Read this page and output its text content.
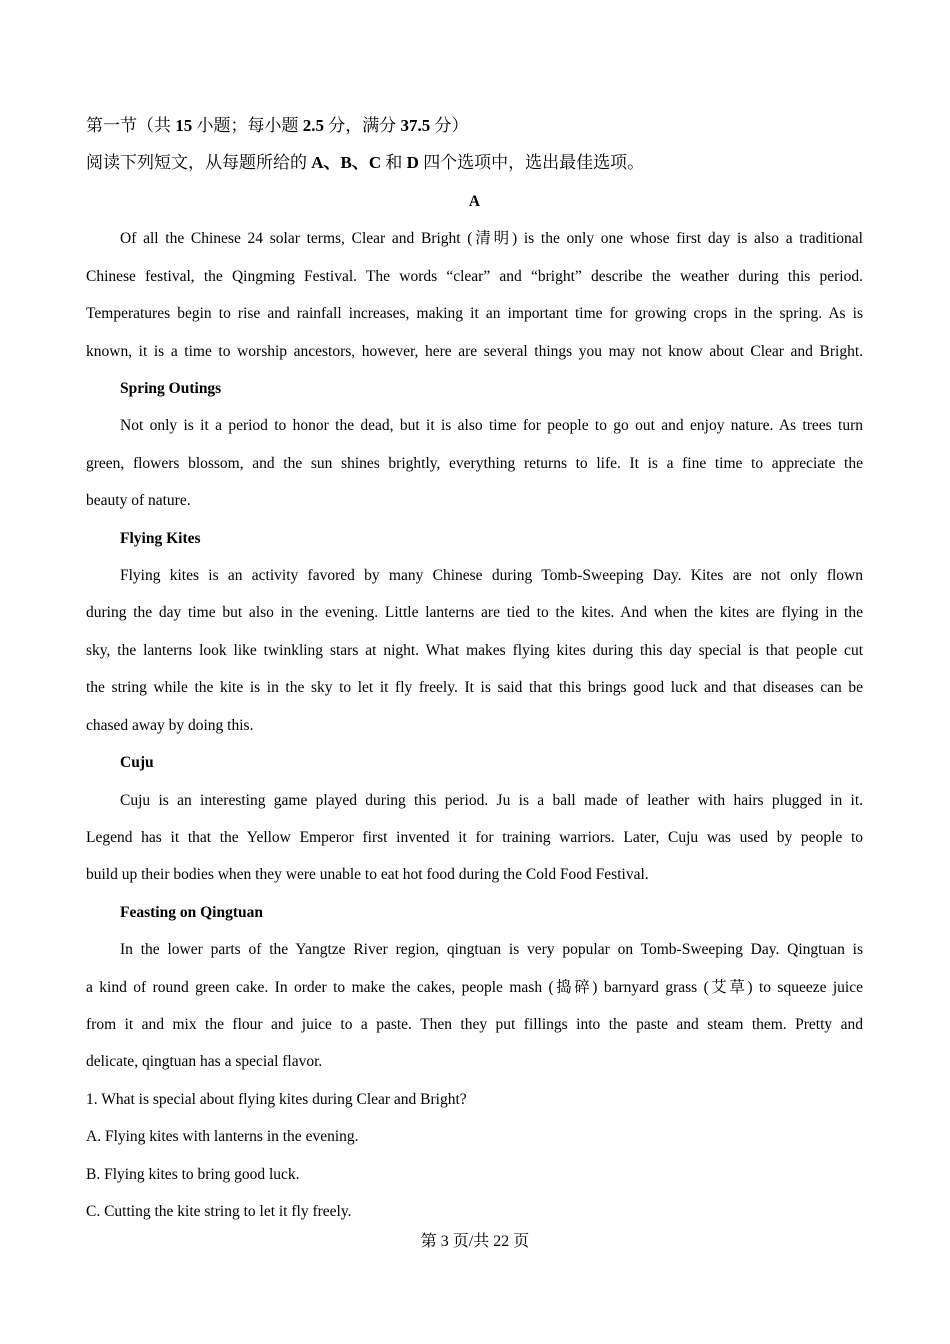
第一节（共 15 小题；每小题 2.5 分，满分 37.5 分）
阅读下列短文，从每题所给的 A、B、C 和 D 四个选项中，选出最佳选项。
A
Of all the Chinese 24 solar terms, Clear and Bright (清明) is the only one whose first day is also a traditional
Chinese festival, the Qingming Festival. The words “clear” and “bright” describe the weather during this period.
Temperatures begin to rise and rainfall increases, making it an important time for growing crops in the spring. As is
known, it is a time to worship ancestors, however, here are several things you may not know about Clear and Bright.
Spring Outings
Not only is it a period to honor the dead, but it is also time for people to go out and enjoy nature. As trees turn
green, flowers blossom, and the sun shines brightly, everything returns to life. It is a fine time to appreciate the
beauty of nature.
Flying Kites
Flying kites is an activity favored by many Chinese during Tomb-Sweeping Day. Kites are not only flown
during the day time but also in the evening. Little lanterns are tied to the kites. And when the kites are flying in the
sky, the lanterns look like twinkling stars at night. What makes flying kites during this day special is that people cut
the string while the kite is in the sky to let it fly freely. It is said that this brings good luck and that diseases can be
chased away by doing this.
Cuju
Cuju is an interesting game played during this period. Ju is a ball made of leather with hairs plugged in it.
Legend has it that the Yellow Emperor first invented it for training warriors. Later, Cuju was used by people to
build up their bodies when they were unable to eat hot food during the Cold Food Festival.
Feasting on Qingtuan
In the lower parts of the Yangtze River region, qingtuan is very popular on Tomb-Sweeping Day. Qingtuan is
a kind of round green cake. In order to make the cakes, people mash (捣碎) barnyard grass (艾草) to squeeze juice
from it and mix the flour and juice to a paste. Then they put fillings into the paste and steam them. Pretty and
delicate, qingtuan has a special flavor.
1. What is special about flying kites during Clear and Bright?
A. Flying kites with lanterns in the evening.
B. Flying kites to bring good luck.
C. Cutting the kite string to let it fly freely.
第 3 页/共 22 页
